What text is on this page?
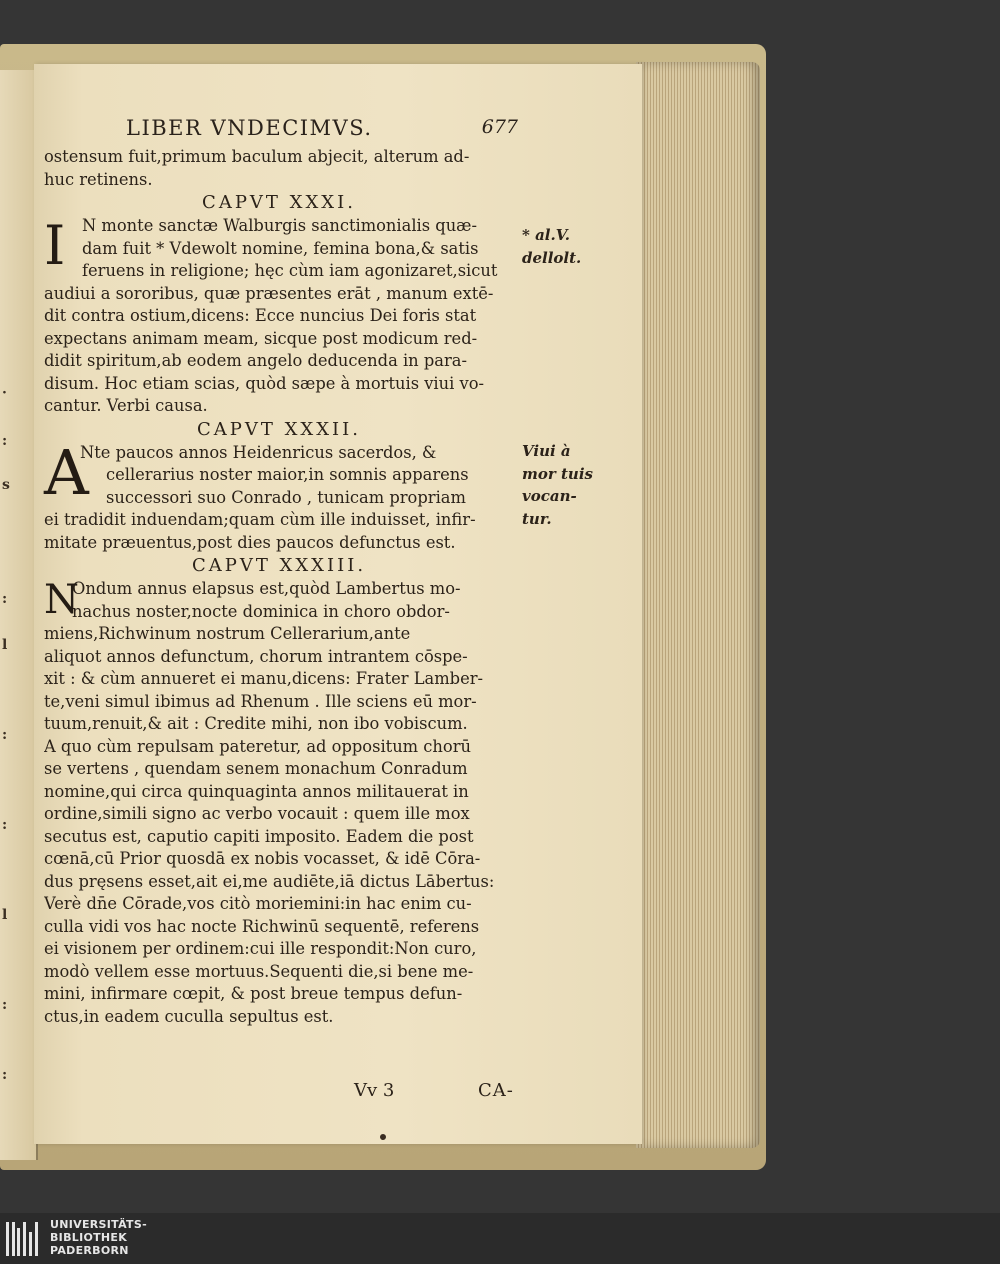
·
:
s
:
l
:
:
l
:
:
LIBER VNDECIMVS.	677
ostensum fuit,primum baculum abjecit, alterum ad-
huc retinens.
CAPVT XXXI.
I	N monte sanctæ Walburgis sanctimonialis quæ-
dam fuit * Vdewolt nomine, femina bona,& satis
feruens in religione; hęc cùm iam agonizaret,sicut
audiui a sororibus, quæ præsentes erāt , manum extē-
dit contra ostium,dicens: Ecce nuncius Dei foris stat
expectans animam meam, sicque post modicum red-
didit spiritum,ab eodem angelo deducenda in para-
disum. Hoc etiam scias, quòd sæpe à mortuis viui vo-
cantur. Verbi causa.
CAPVT XXXII.
A
Nte paucos annos Heidenricus sacerdos, &
cellerarius noster maior,in somnis apparens
successori suo Conrado , tunicam propriam
ei tradidit induendam;quam cùm ille induisset, infir-
mitate præuentus,post dies paucos defunctus est.
CAPVT XXXIII.
N
Ondum annus elapsus est,quòd Lambertus mo-
nachus noster,nocte dominica in choro obdor-
miens,Richwinum nostrum Cellerarium,ante
aliquot annos defunctum, chorum intrantem cōspe-
xit : & cùm annueret ei manu,dicens: Frater Lamber-
te,veni simul ibimus ad Rhenum . Ille sciens eū mor-
tuum,renuit,& ait : Credite mihi, non ibo vobiscum.
A quo cùm repulsam pateretur, ad oppositum chorū
se vertens , quendam senem monachum Conradum
nomine,qui circa quinquaginta annos militauerat in
ordine,simili signo ac verbo vocauit : quem ille mox
secutus est, caputio capiti imposito. Eadem die post
cœnā,cū Prior quosdā ex nobis vocasset, & idē Cōra-
dus pręsens esset,ait ei,me audiēte,iā dictus Lābertus:
Verè dn̄e Cōrade,vos citò moriemini:in hac enim cu-
culla vidi vos hac nocte Richwinū sequentē, referens
ei visionem per ordinem:cui ille respondit:Non curo,
modò vellem esse mortuus.Sequenti die,si bene me-
mini, infirmare cœpit, & post breue tempus defun-
ctus,in eadem cuculla sepultus est.
* al.V.
dellolt.
Viui à
mor tuis
vocan-
tur.
Vv 3	CA-
UNIVERSITÄTS-
BIBLIOTHEK
PADERBORN
